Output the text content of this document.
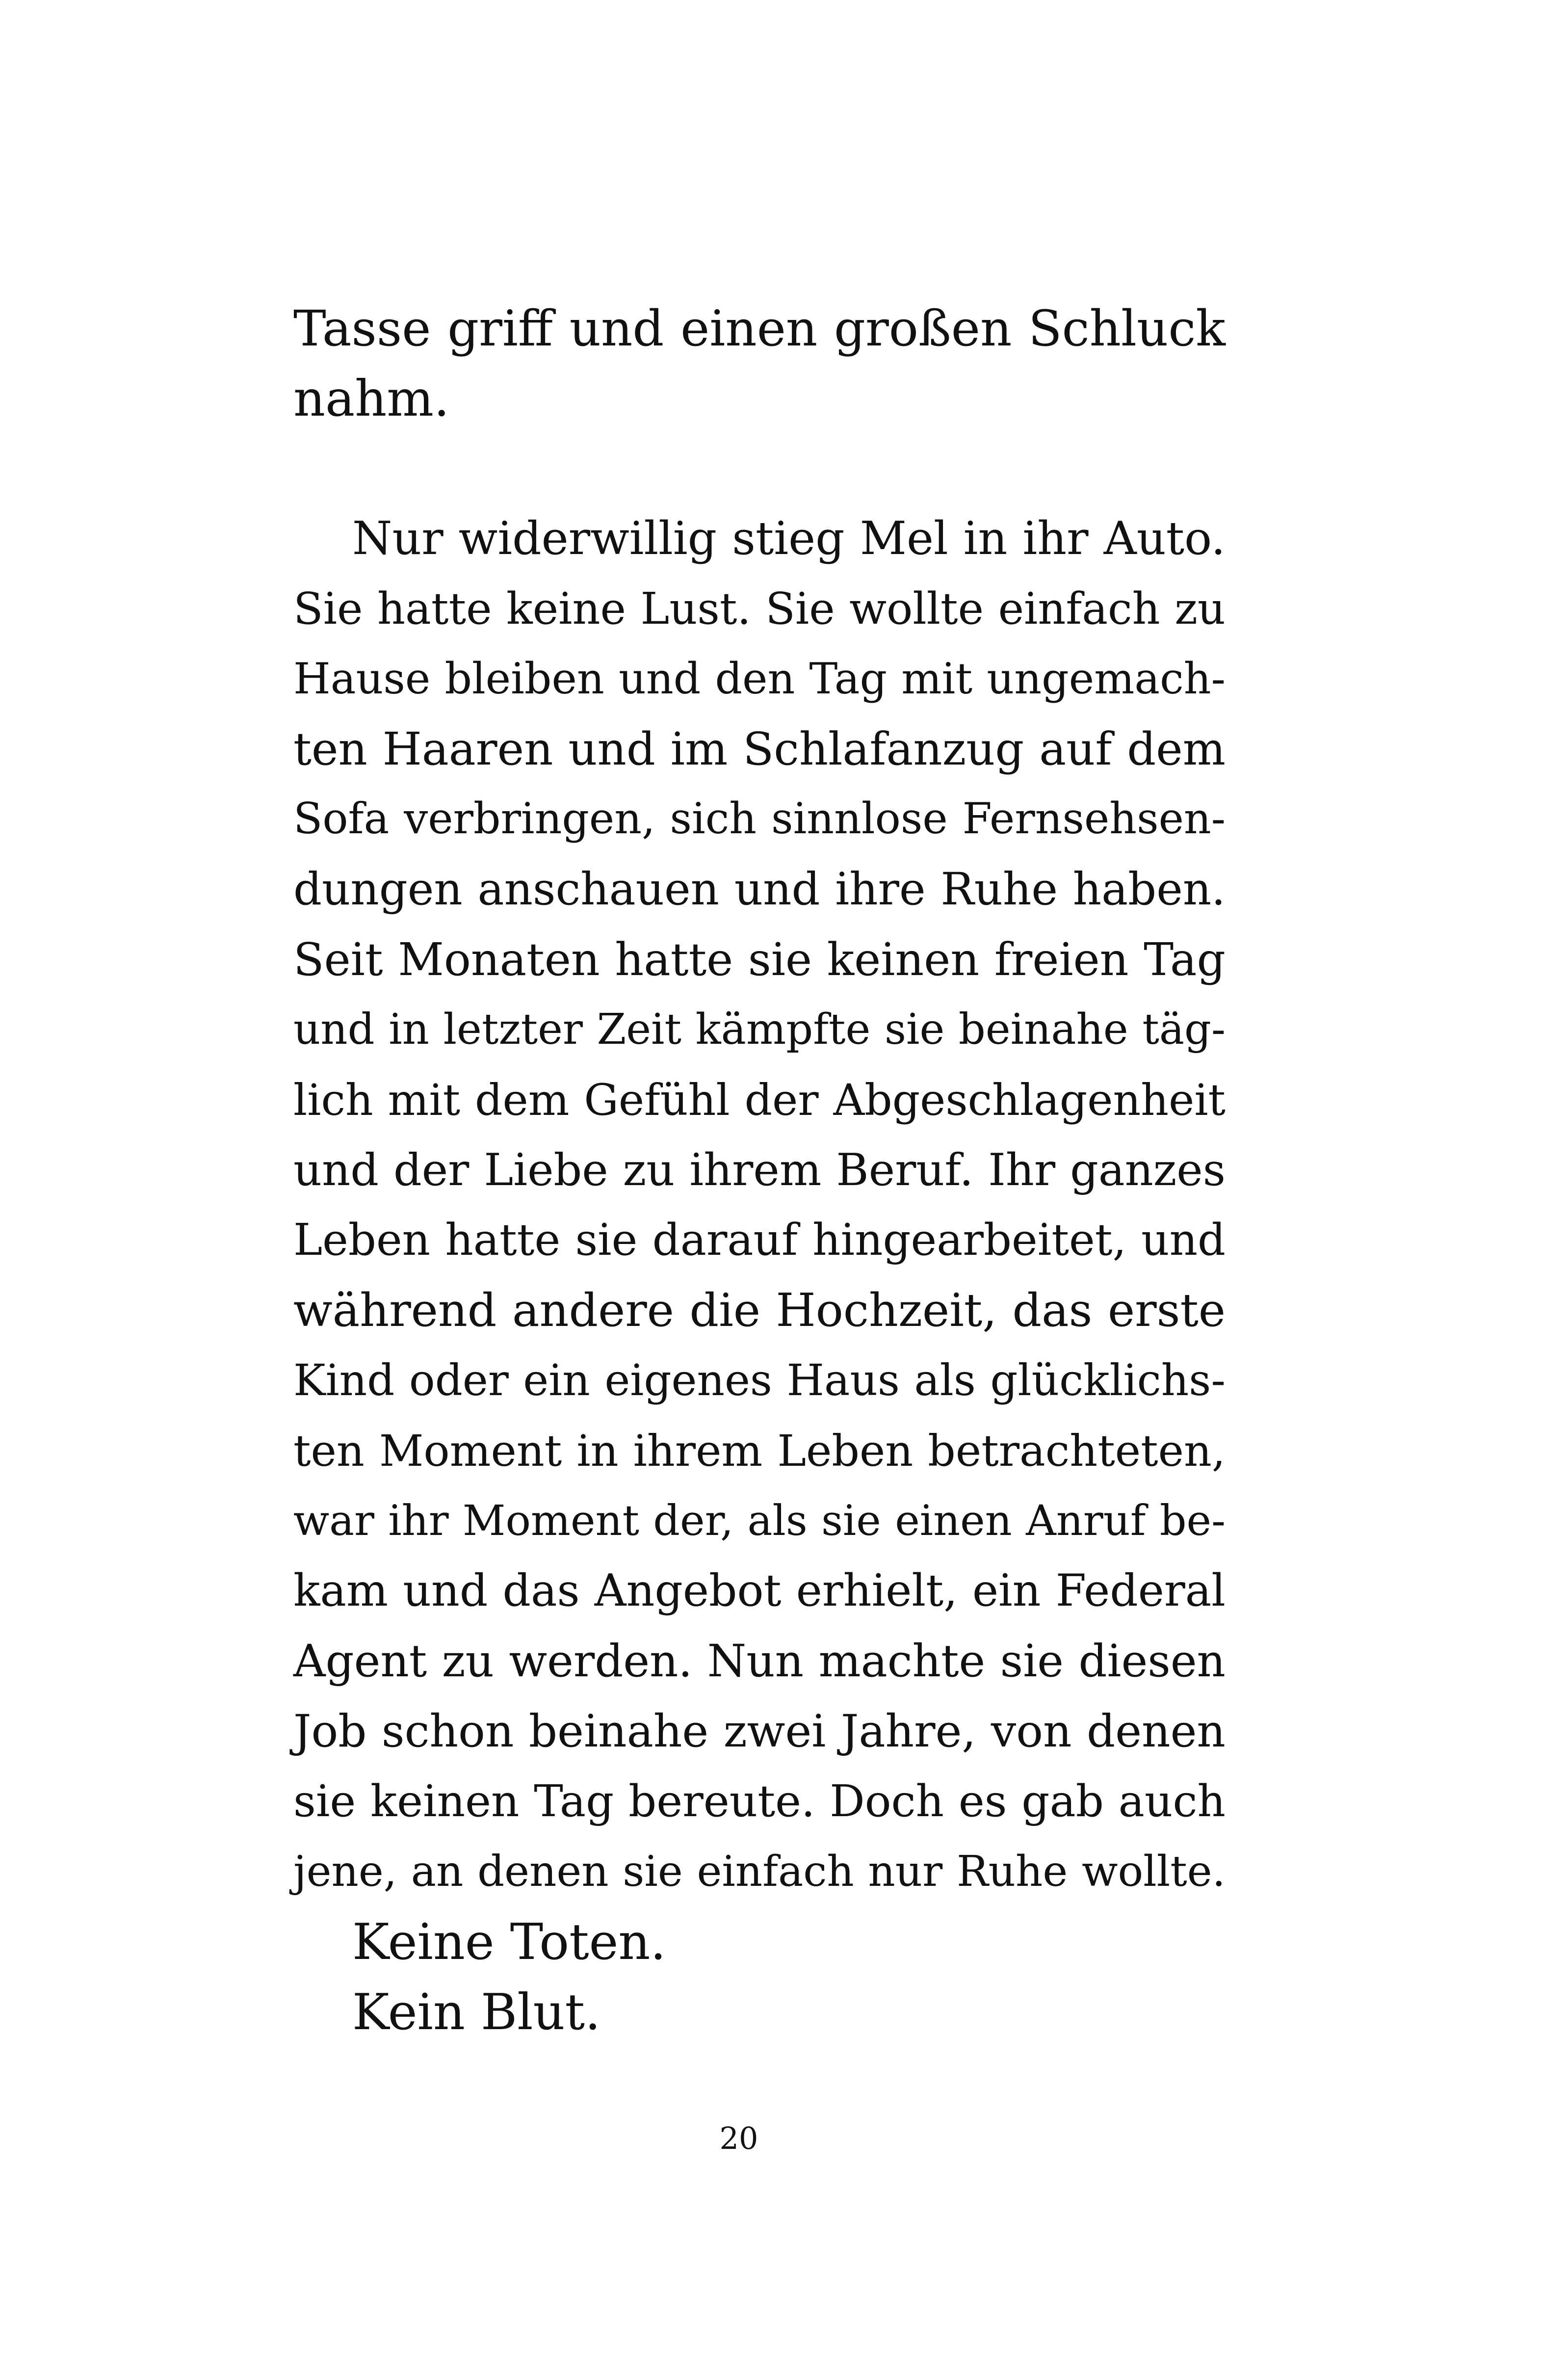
Tasse griff und einen großen Schluck
nahm.
Nur widerwillig stieg Mel in ihr Auto.
Sie hatte keine Lust. Sie wollte einfach zu
Hause bleiben und den Tag mit ungemach-
ten Haaren und im Schlafanzug auf dem
Sofa verbringen, sich sinnlose Fernsehsen-
dungen anschauen und ihre Ruhe haben.
Seit Monaten hatte sie keinen freien Tag
und in letzter Zeit kämpfte sie beinahe täg-
lich mit dem Gefühl der Abgeschlagenheit
und der Liebe zu ihrem Beruf. Ihr ganzes
Leben hatte sie darauf hingearbeitet, und
während andere die Hochzeit, das erste
Kind oder ein eigenes Haus als glücklichs-
ten Moment in ihrem Leben betrachteten,
war ihr Moment der, als sie einen Anruf be-
kam und das Angebot erhielt, ein Federal
Agent zu werden. Nun machte sie diesen
Job schon beinahe zwei Jahre, von denen
sie keinen Tag bereute. Doch es gab auch
jene, an denen sie einfach nur Ruhe wollte.
Keine Toten.
Kein Blut.
20
